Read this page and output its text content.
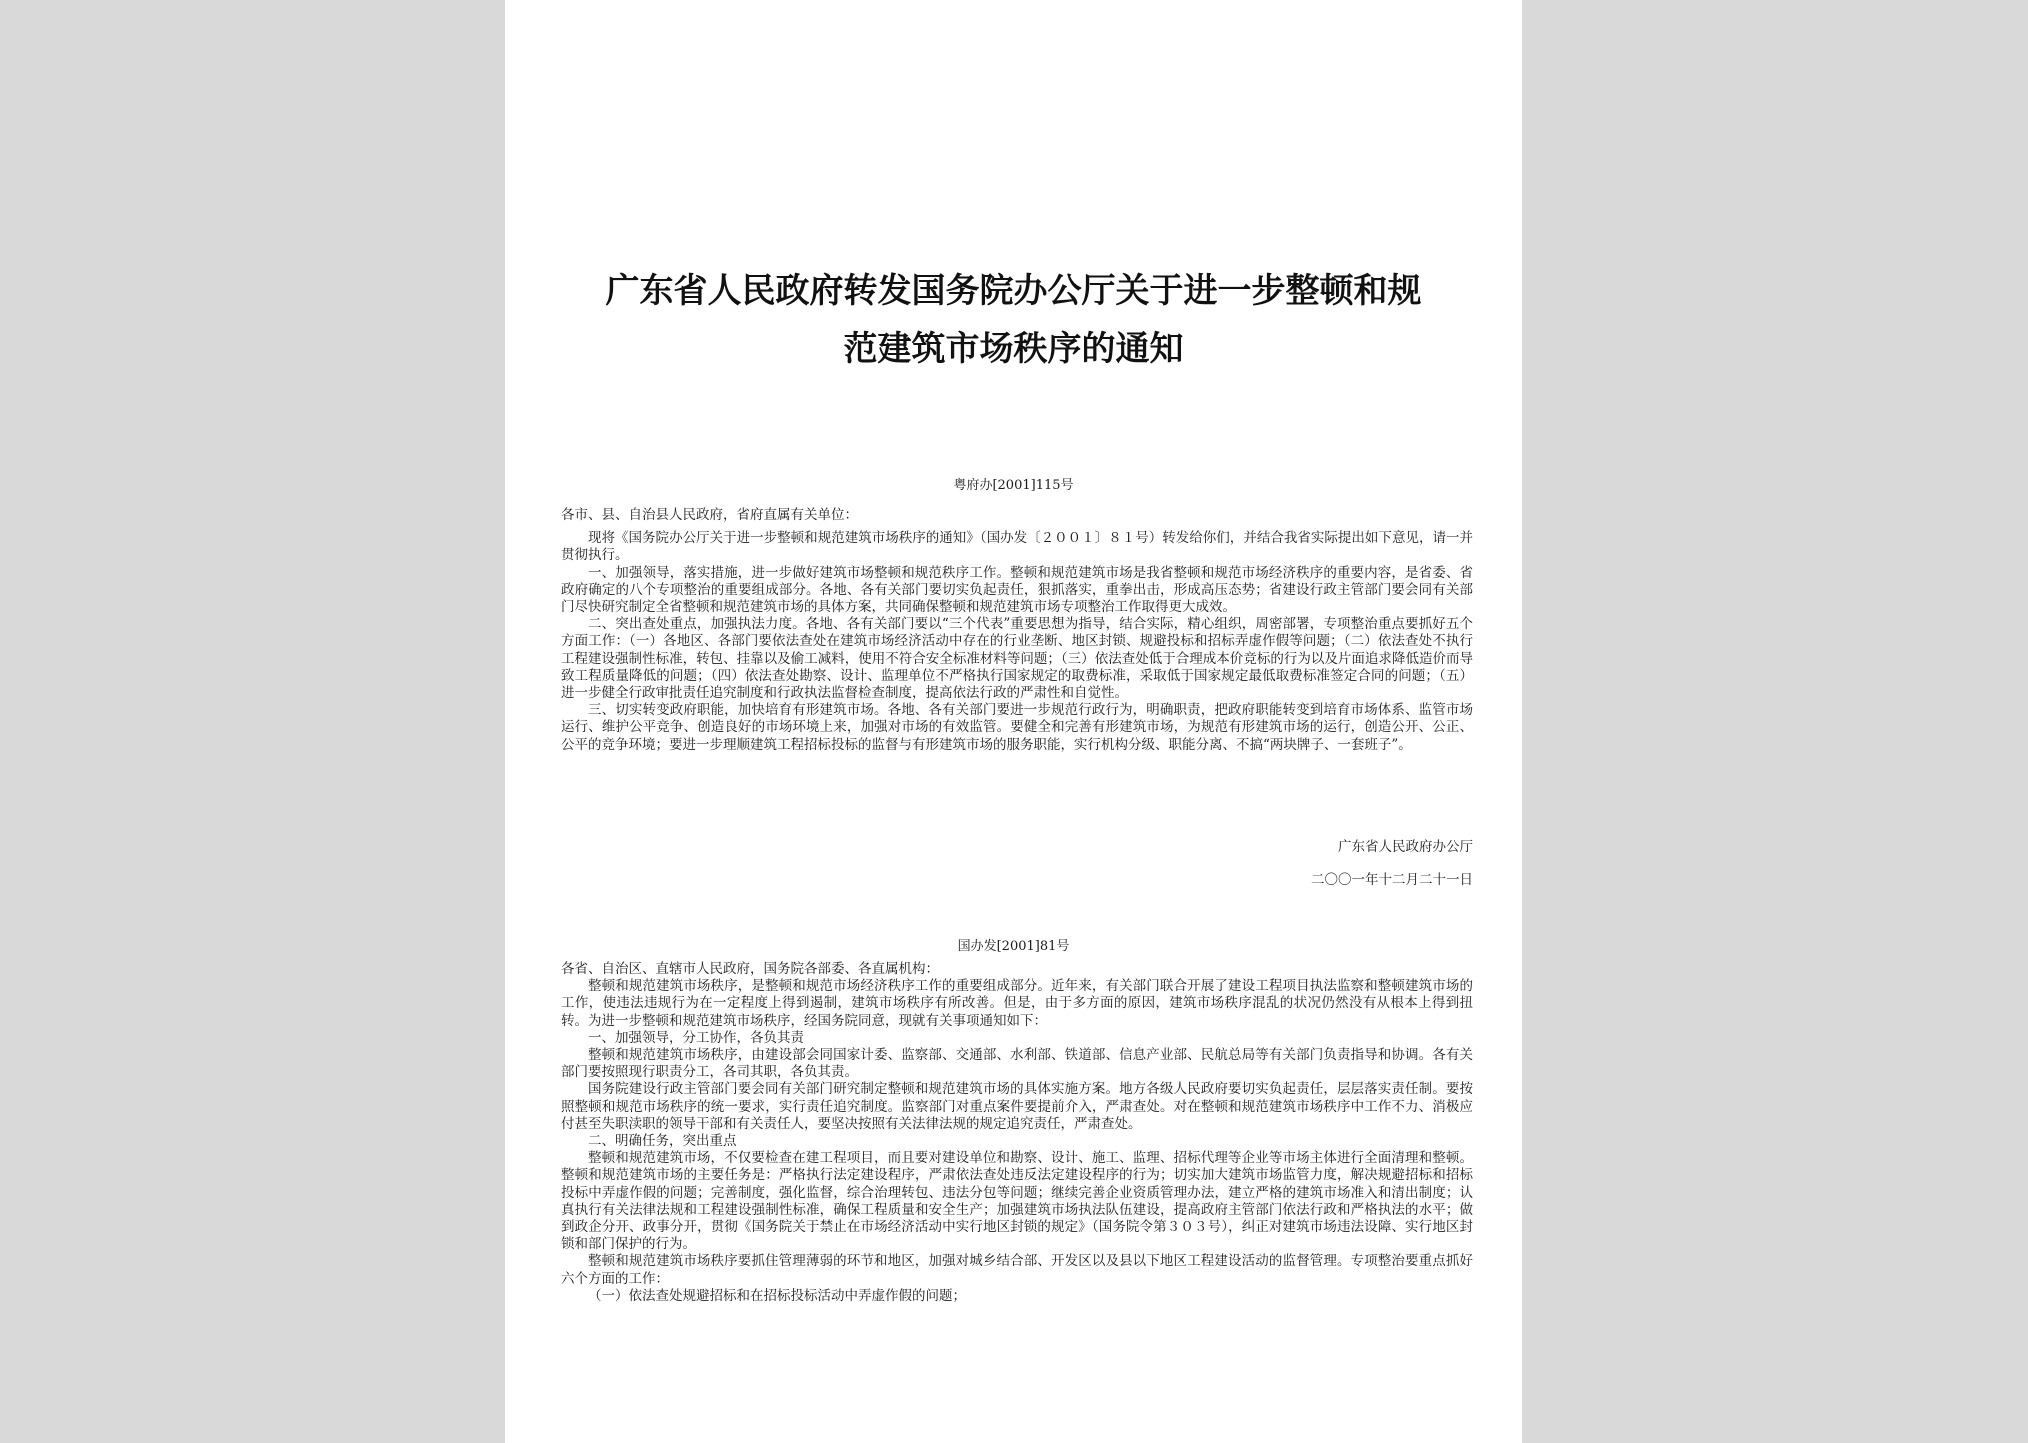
广东省人民政府转发国务院办公厅关于进一步整顿和规
范建筑市场秩序的通知
粤府办[2001]115号

各市、县、自治县人民政府，省府直属有关单位：

现将《国务院办公厅关于进一步整顿和规范建筑市场秩序的通知》（国办发〔２００１〕８１号）转发给你们，并结合我省实际提出如下意见，请一并贯彻执行。

一、加强领导，落实措施，进一步做好建筑市场整顿和规范秩序工作。整顿和规范建筑市场是我省整顿和规范市场经济秩序的重要内容，是省委、省政府确定的八个专项整治的重要组成部分。各地、各有关部门要切实负起责任，狠抓落实，重拳出击，形成高压态势；省建设行政主管部门要会同有关部门尽快研究制定全省整顿和规范建筑市场的具体方案，共同确保整顿和规范建筑市场专项整治工作取得更大成效。

二、突出查处重点，加强执法力度。各地、各有关部门要以“三个代表”重要思想为指导，结合实际，精心组织，周密部署，专项整治重点要抓好五个方面工作：（一）各地区、各部门要依法查处在建筑市场经济活动中存在的行业垄断、地区封锁、规避投标和招标弄虚作假等问题；（二）依法查处不执行工程建设强制性标准，转包、挂靠以及偷工减料，使用不符合安全标准材料等问题；（三）依法查处低于合理成本价竞标的行为以及片面追求降低造价而导致工程质量降低的问题；（四）依法查处勘察、设计、监理单位不严格执行国家规定的取费标准，采取低于国家规定最低取费标准签定合同的问题；（五）进一步健全行政审批责任追究制度和行政执法监督检查制度，提高依法行政的严肃性和自觉性。

三、切实转变政府职能，加快培育有形建筑市场。各地、各有关部门要进一步规范行政行为，明确职责，把政府职能转变到培育市场体系、监管市场运行、维护公平竞争、创造良好的市场环境上来，加强对市场的有效监管。要健全和完善有形建筑市场，为规范有形建筑市场的运行，创造公开、公正、公平的竞争环境；要进一步理顺建筑工程招标投标的监督与有形建筑市场的服务职能，实行机构分级、职能分离、不搞“两块牌子、一套班子”。

广东省人民政府办公厅
二〇〇一年十二月二十一日
国办发[2001]81号

各省、自治区、直辖市人民政府，国务院各部委、各直属机构：

整顿和规范建筑市场秩序，是整顿和规范市场经济秩序工作的重要组成部分。近年来，有关部门联合开展了建设工程项目执法监察和整顿建筑市场的工作，使违法违规行为在一定程度上得到遏制，建筑市场秩序有所改善。但是，由于多方面的原因，建筑市场秩序混乱的状况仍然没有从根本上得到扭转。为进一步整顿和规范建筑市场秩序，经国务院同意，现就有关事项通知如下：

一、加强领导，分工协作，各负其责

整顿和规范建筑市场秩序，由建设部会同国家计委、监察部、交通部、水利部、铁道部、信息产业部、民航总局等有关部门负责指导和协调。各有关部门要按照现行职责分工，各司其职，各负其责。

国务院建设行政主管部门要会同有关部门研究制定整顿和规范建筑市场的具体实施方案。地方各级人民政府要切实负起责任，层层落实责任制。要按照整顿和规范市场秩序的统一要求，实行责任追究制度。监察部门对重点案件要提前介入，严肃查处。对在整顿和规范建筑市场秩序中工作不力、消极应付甚至失职渎职的领导干部和有关责任人，要坚决按照有关法律法规的规定追究责任，严肃查处。

二、明确任务，突出重点

整顿和规范建筑市场，不仅要检查在建工程项目，而且要对建设单位和勘察、设计、施工、监理、招标代理等企业等市场主体进行全面清理和整顿。整顿和规范建筑市场的主要任务是：严格执行法定建设程序，严肃依法查处违反法定建设程序的行为；切实加大建筑市场监管力度，解决规避招标和招标投标中弄虚作假的问题；完善制度，强化监督，综合治理转包、违法分包等问题；继续完善企业资质管理办法，建立严格的建筑市场准入和清出制度；认真执行有关法律法规和工程建设强制性标准，确保工程质量和安全生产；加强建筑市场执法队伍建设，提高政府主管部门依法行政和严格执法的水平；做到政企分开、政事分开，贯彻《国务院关于禁止在市场经济活动中实行地区封锁的规定》（国务院令第３０３号），纠正对建筑市场违法设障、实行地区封锁和部门保护的行为。

整顿和规范建筑市场秩序要抓住管理薄弱的环节和地区，加强对城乡结合部、开发区以及县以下地区工程建设活动的监督管理。专项整治要重点抓好六个方面的工作：

（一）依法查处规避招标和在招标投标活动中弄虚作假的问题；
